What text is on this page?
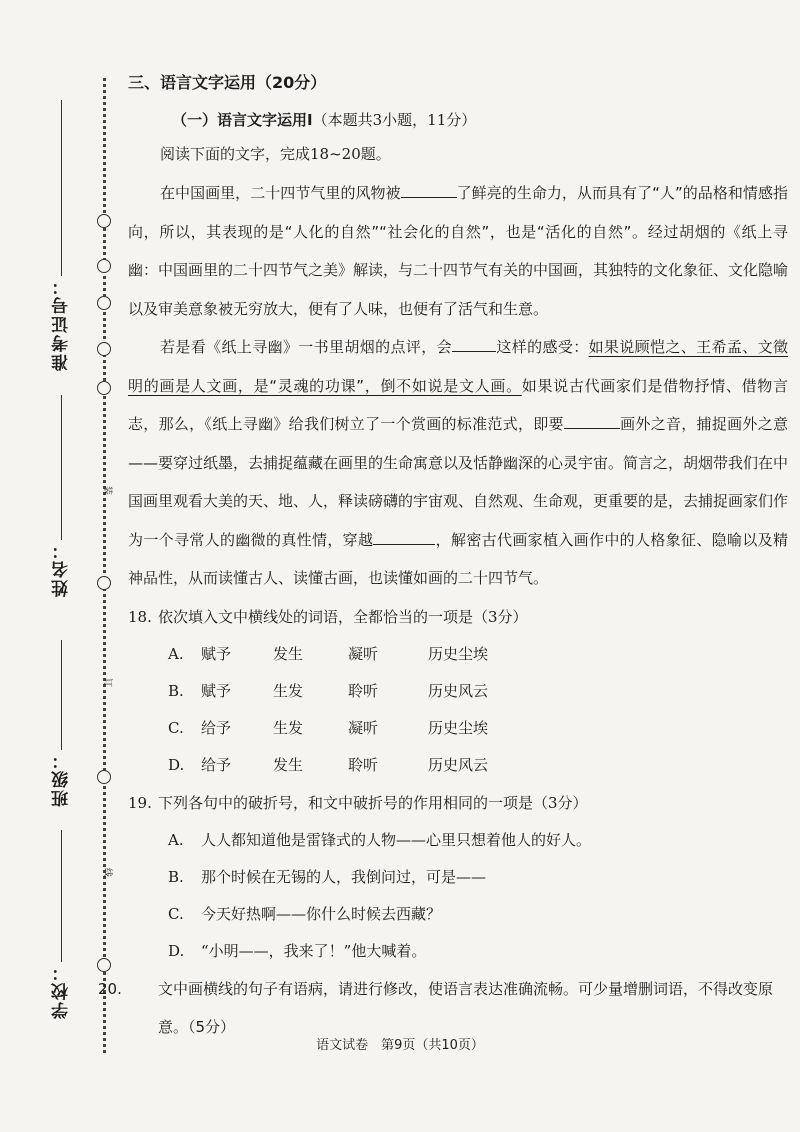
装
订
线
准考证号：
姓名：
班级：
学校：
三、语言文字运用（20分）
（一）语言文字运用Ⅰ（本题共3小题，11分）
阅读下面的文字，完成18~20题。

在中国画里，二十四节气里的风物被	了鲜亮的生命力，从而具有了“人”的品格和情感指向，所以，其表现的是“人化的自然”“社会化的自然”，也是“活化的自然”。经过胡烟的《纸上寻幽：中国画里的二十四节气之美》解读，与二十四节气有关的中国画，其独特的文化象征、文化隐喻以及审美意象被无穷放大，便有了人味，也便有了活气和生意。

若是看《纸上寻幽》一书里胡烟的点评，会	这样的感受：如果说顾恺之、王希孟、文徵明的画是人文画，是“灵魂的功课”，倒不如说是文人画。如果说古代画家们是借物抒情、借物言志，那么，《纸上寻幽》给我们树立了一个赏画的标准范式，即要	画外之音，捕捉画外之意——要穿过纸墨，去捕捉蕴藏在画里的生命寓意以及恬静幽深的心灵宇宙。简言之，胡烟带我们在中国画里观看大美的天、地、人，释读磅礴的宇宙观、自然观、生命观，更重要的是，去捕捉画家们作为一个寻常人的幽微的真性情，穿越	，解密古代画家植入画作中的人格象征、隐喻以及精神品性，从而读懂古人、读懂古画，也读懂如画的二十四节气。

18. 依次填入文中横线处的词语，全都恰当的一项是（3分）

A. 赋予	发生	凝听	历史尘埃
B. 赋予	生发	聆听	历史风云
C. 给予	生发	凝听	历史尘埃
D. 给予	发生	聆听	历史风云

19. 下列各句中的破折号，和文中破折号的作用相同的一项是（3分）

A. 人人都知道他是雷锋式的人物——心里只想着他人的好人。
B. 那个时候在无锡的人，我倒问过，可是——
C. 今天好热啊——你什么时候去西藏？
D. “小明——，我来了！”他大喊着。

20. 文中画横线的句子有语病，请进行修改，使语言表达准确流畅。可少量增删词语，不得改变原意。（5分）

语文试卷　第9页（共10页）
